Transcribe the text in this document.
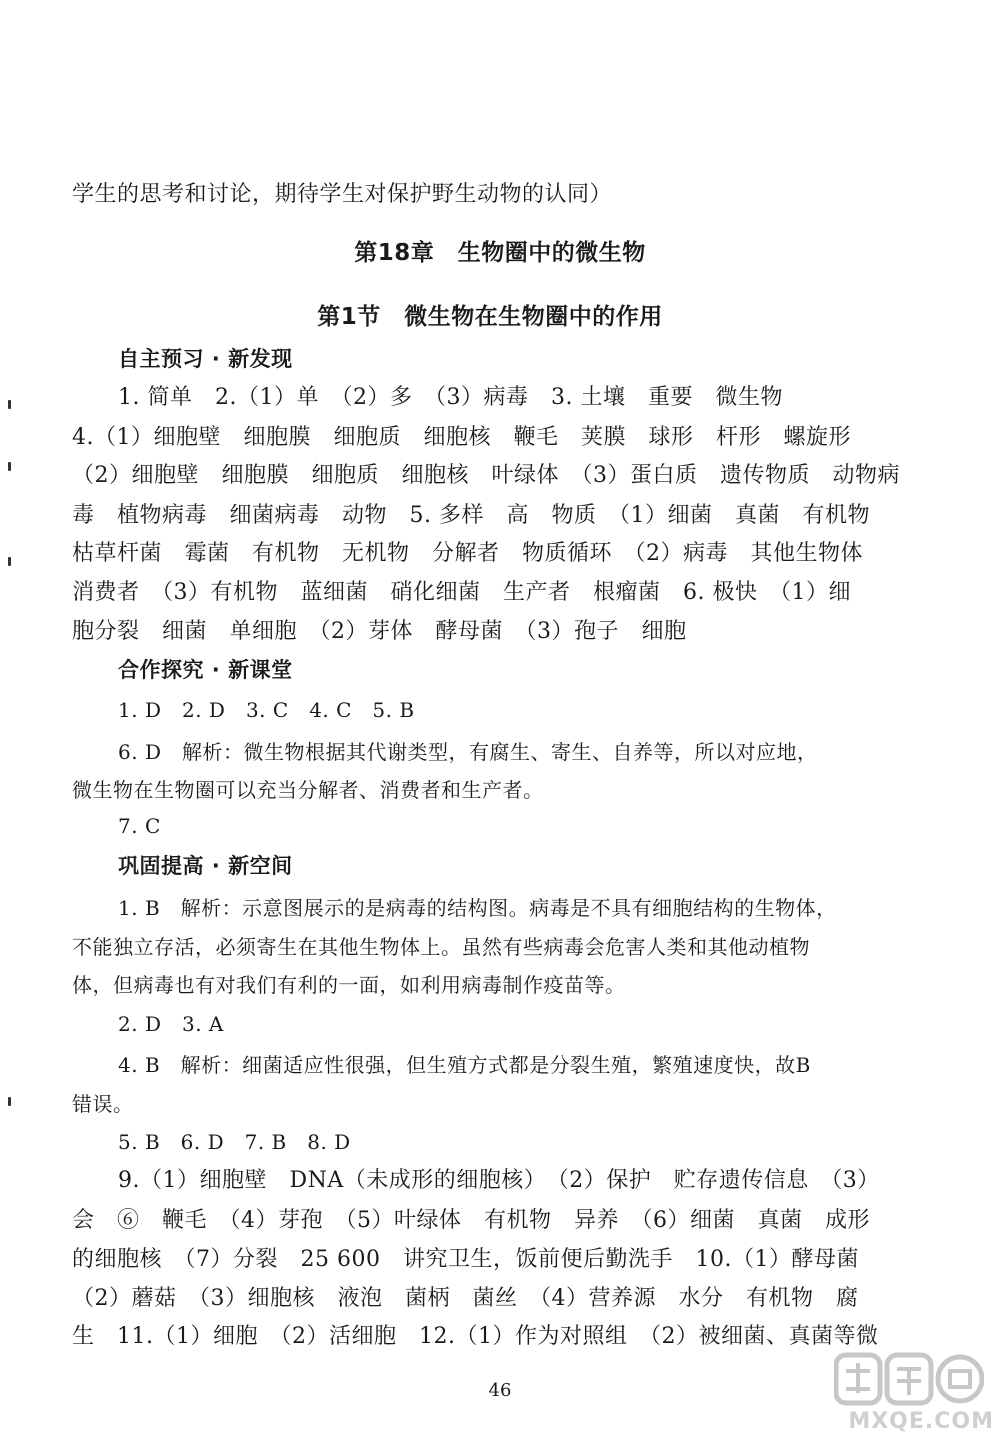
学生的思考和讨论，期待学生对保护野生动物的认同）
第18章　生物圈中的微生物
第1节　微生物在生物圈中的作用
自主预习 · 新发现
1. 简单　2.（1）单　（2）多　（3）病毒　3. 土壤　重要　微生物
4.（1）细胞壁　细胞膜　细胞质　细胞核　鞭毛　荚膜　球形　杆形　螺旋形
（2）细胞壁　细胞膜　细胞质　细胞核　叶绿体　（3）蛋白质　遗传物质　动物病
毒　植物病毒　细菌病毒　动物　5. 多样　高　物质　（1）细菌　真菌　有机物
枯草杆菌　霉菌　有机物　无机物　分解者　物质循环　（2）病毒　其他生物体
消费者　（3）有机物　蓝细菌　硝化细菌　生产者　根瘤菌　6. 极快　（1）细
胞分裂　细菌　单细胞　（2）芽体　酵母菌　（3）孢子　细胞
合作探究 · 新课堂
1. D　2. D　3. C　4. C　5. B
6. D　解析：微生物根据其代谢类型，有腐生、寄生、自养等，所以对应地，
微生物在生物圈可以充当分解者、消费者和生产者。
7. C
巩固提高 · 新空间
1. B　解析：示意图展示的是病毒的结构图。病毒是不具有细胞结构的生物体，
不能独立存活，必须寄生在其他生物体上。虽然有些病毒会危害人类和其他动植物
体，但病毒也有对我们有利的一面，如利用病毒制作疫苗等。
2. D　3. A
4. B　解析：细菌适应性很强，但生殖方式都是分裂生殖，繁殖速度快，故B
错误。
5. B　6. D　7. B　8. D
9.（1）细胞壁　DNA（未成形的细胞核）　（2）保护　贮存遗传信息　（3）
会　⑥　鞭毛　（4）芽孢　（5）叶绿体　有机物　异养　（6）细菌　真菌　成形
的细胞核　（7）分裂　25 600　讲究卫生，饭前便后勤洗手　10.（1）酵母菌
（2）蘑菇　（3）细胞核　液泡　菌柄　菌丝　（4）营养源　水分　有机物　腐
生　11.（1）细胞　（2）活细胞　12.（1）作为对照组　（2）被细菌、真菌等微
46
MXQE.COM
